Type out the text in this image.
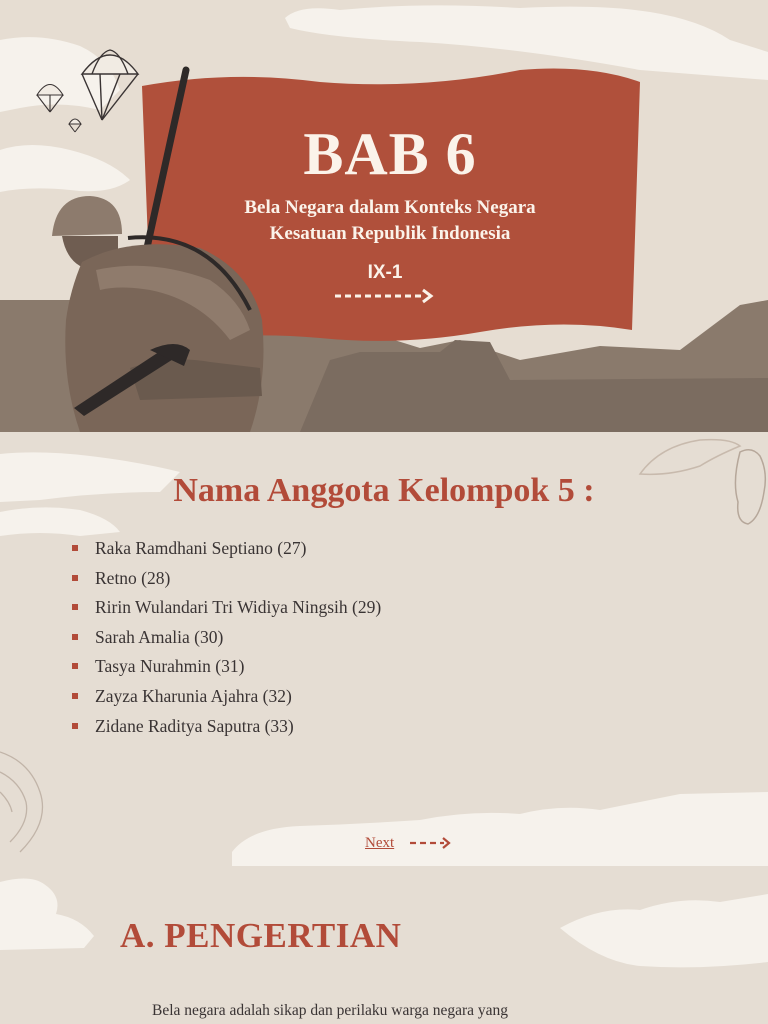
BAB 6
Bela Negara dalam Konteks Negara
Kesatuan Republik Indonesia
IX-1
Nama Anggota Kelompok 5 :
Raka Ramdhani Septiano (27)
Retno (28)
Ririn Wulandari Tri Widiya Ningsih (29)
Sarah Amalia (30)
Tasya Nurahmin (31)
Zayza Kharunia Ajahra (32)
Zidane Raditya Saputra (33)
Next
A. PENGERTIAN
Bela negara adalah sikap dan perilaku warga negara yang
